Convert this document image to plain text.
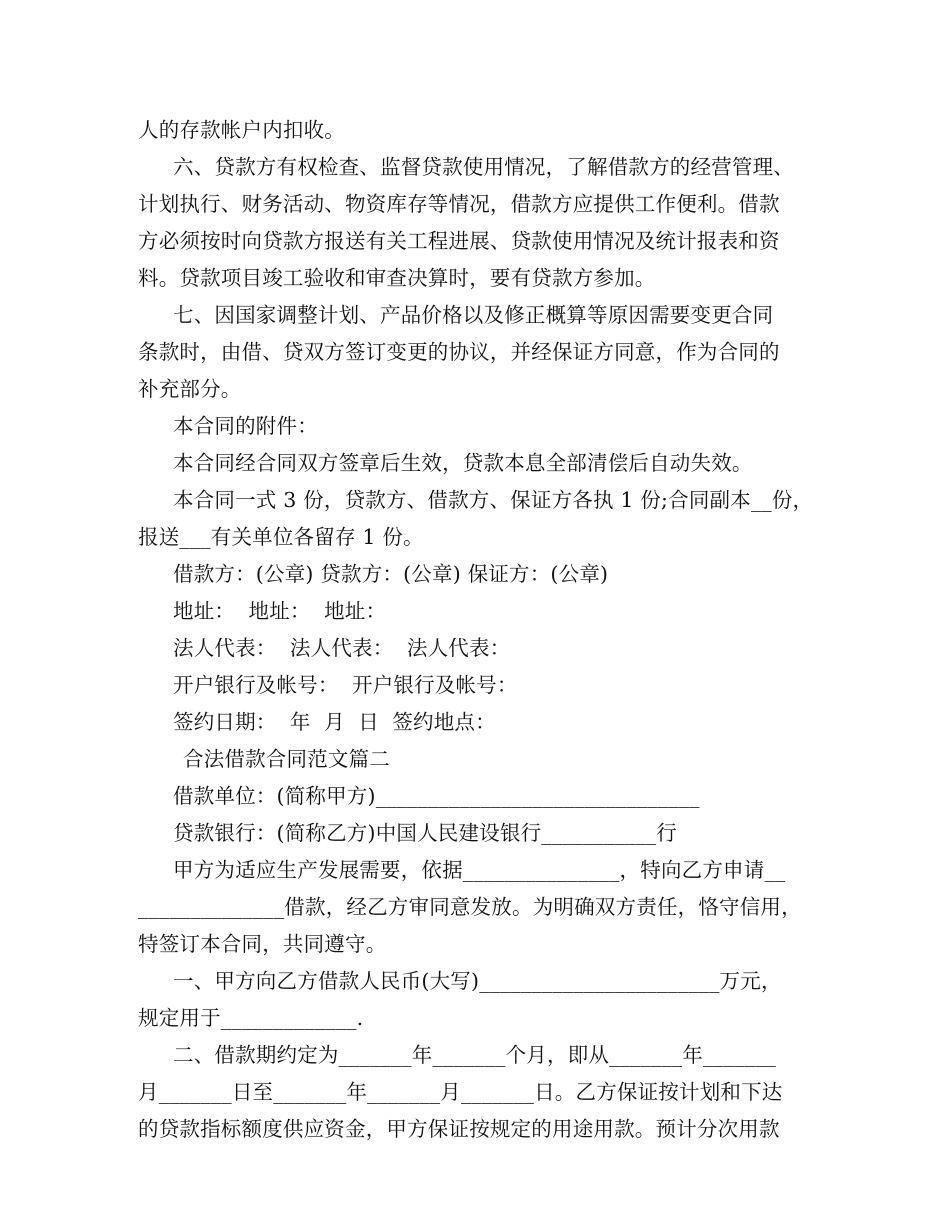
人的存款帐户内扣收。
六、贷款方有权检查、监督贷款使用情况，了解借款方的经营管理、
计划执行、财务活动、物资库存等情况，借款方应提供工作便利。借款
方必须按时向贷款方报送有关工程进展、贷款使用情况及统计报表和资
料。贷款项目竣工验收和审查决算时，要有贷款方参加。
七、因国家调整计划、产品价格以及修正概算等原因需要变更合同
条款时，由借、贷双方签订变更的协议，并经保证方同意，作为合同的
补充部分。
本合同的附件：
本合同经合同双方签章后生效，贷款本息全部清偿后自动失效。
本合同一式 3 份，贷款方、借款方、保证方各执 1 份;合同副本__份，
报送___有关单位各留存 1 份。
借款方：(公章) 贷款方：(公章) 保证方：(公章)
地址：  地址：  地址：
法人代表：  法人代表：  法人代表：
开户银行及帐号：  开户银行及帐号：
签约日期：  年  月  日  签约地点：
合法借款合同范文篇二
借款单位：(简称甲方)_______________________________
贷款银行：(简称乙方)中国人民建设银行___________行
甲方为适应生产发展需要，依据_______________，特向乙方申请__
______________借款，经乙方审同意发放。为明确双方责任，恪守信用，
特签订本合同，共同遵守。
一、甲方向乙方借款人民币(大写)_______________________万元，
规定用于_____________.
二、借款期约定为_______年_______个月，即从_______年_______
月_______日至_______年_______月_______日。乙方保证按计划和下达
的贷款指标额度供应资金，甲方保证按规定的用途用款。预计分次用款
